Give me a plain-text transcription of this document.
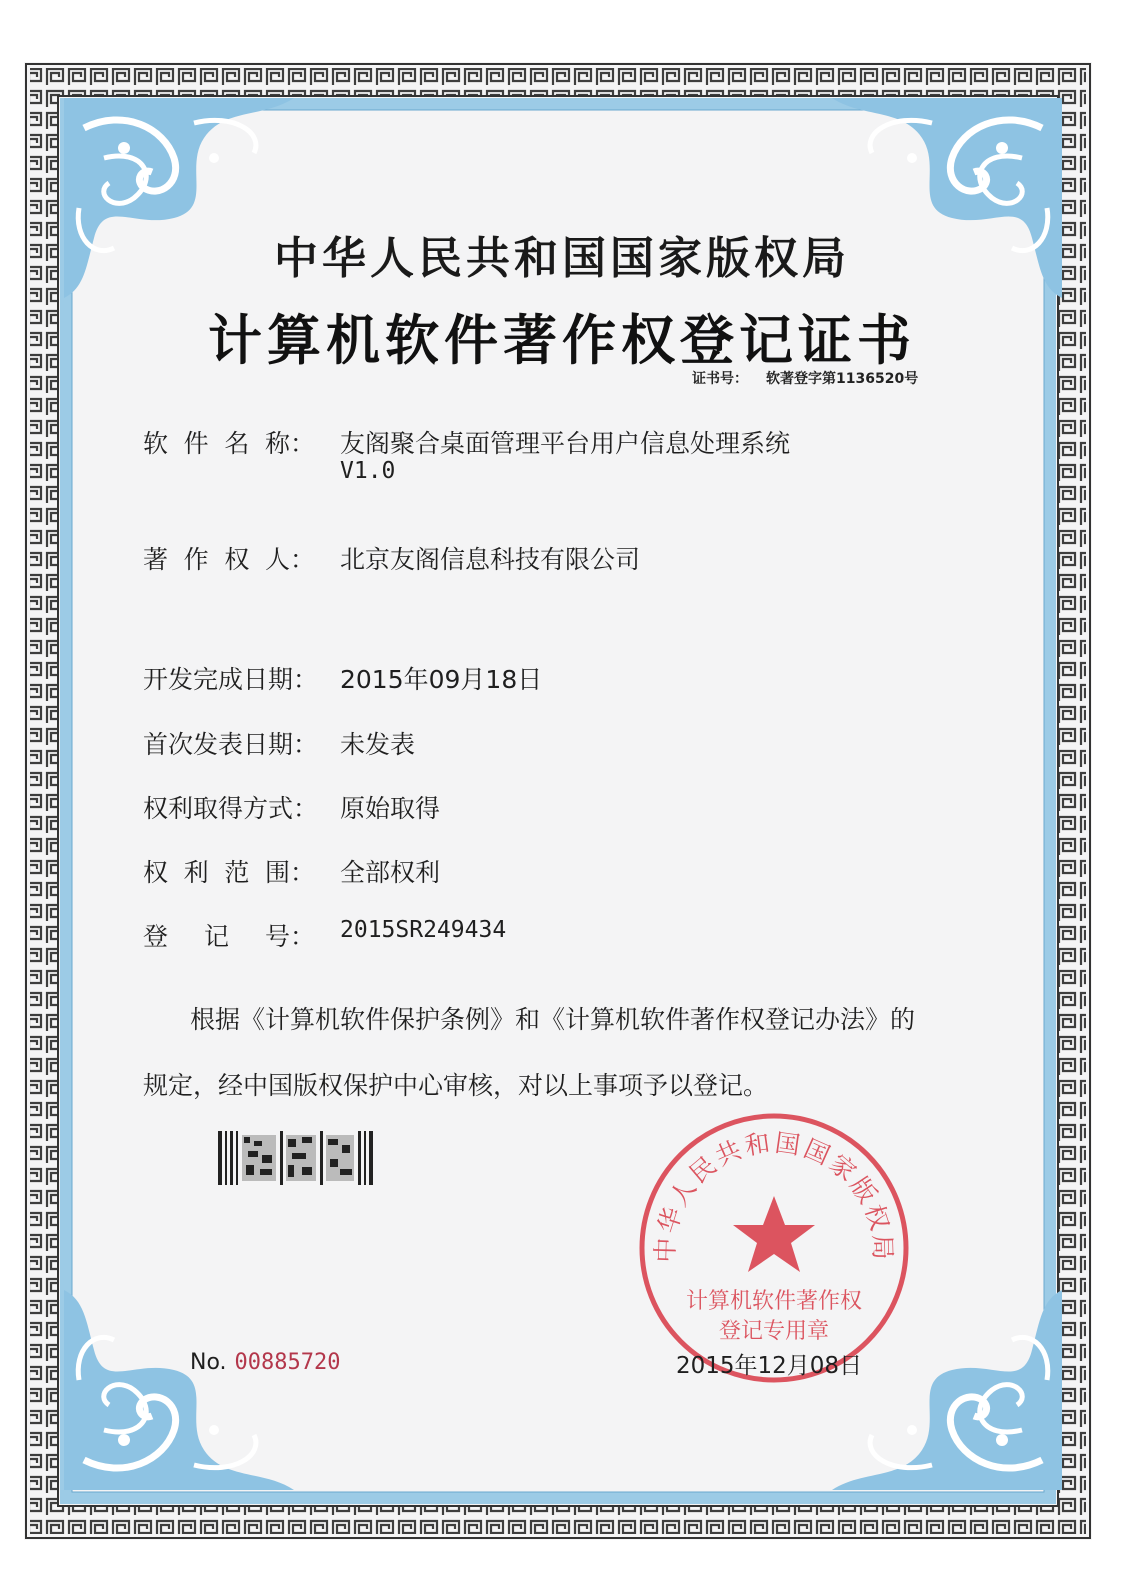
中华人民共和国国家版权局
计算机软件著作权登记证书
证书号： 软著登字第1136520号
软 件 名 称： 友阁聚合桌面管理平台用户信息处理系统
V1.0
著 作 权 人： 北京友阁信息科技有限公司
开发完成日期： 2015年09月18日
首次发表日期： 未发表
权利取得方式： 原始取得
权 利 范 围： 全部权利
登 记 号： 2015SR249434
根据《计算机软件保护条例》和《计算机软件著作权登记办法》的
规定，经中国版权保护中心审核，对以上事项予以登记。
中华人民共和国国家版权局
计算机软件著作权
登记专用章
No. 00885720	2015年12月08日
